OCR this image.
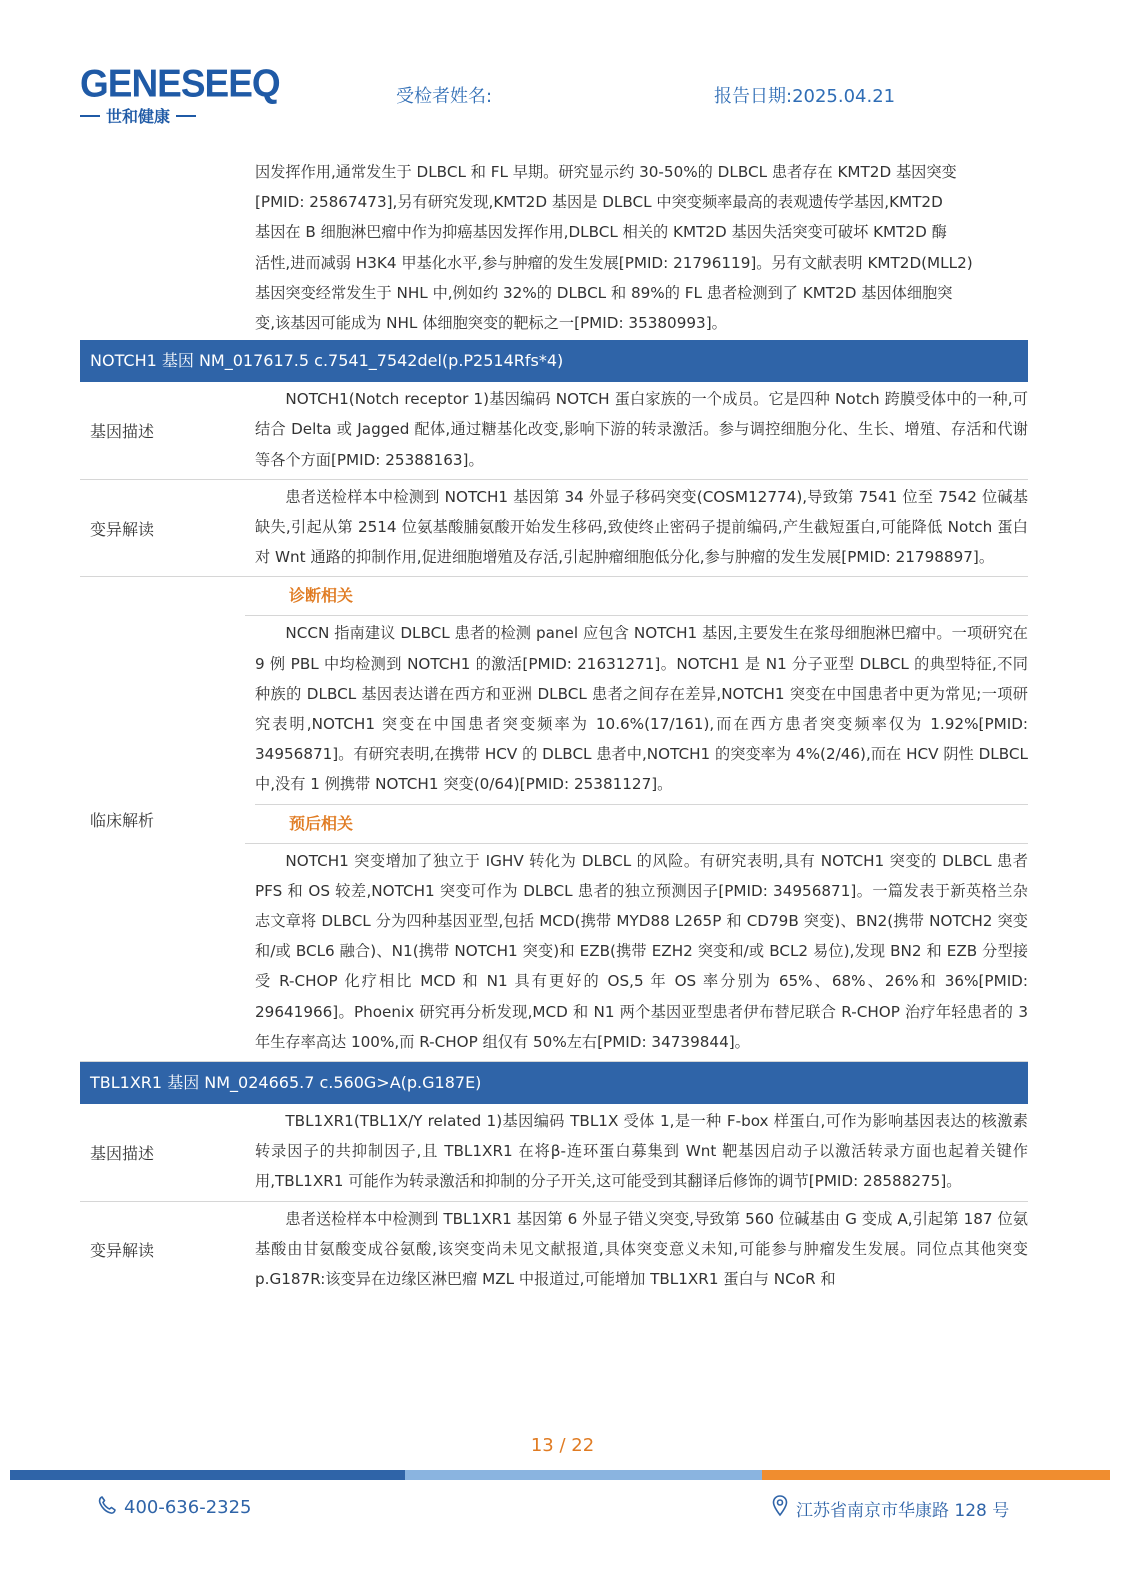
GENESEEQ
世和健康
受检者姓名:	报告日期:2025.04.21
因发挥作用,通常发生于 DLBCL 和 FL 早期。研究显示约 30-50%的 DLBCL 患者存在 KMT2D 基因突变
[PMID: 25867473],另有研究发现,KMT2D 基因是 DLBCL 中突变频率最高的表观遗传学基因,KMT2D
基因在 B 细胞淋巴瘤中作为抑癌基因发挥作用,DLBCL 相关的 KMT2D 基因失活突变可破坏 KMT2D 酶
活性,进而减弱 H3K4 甲基化水平,参与肿瘤的发生发展[PMID: 21796119]。另有文献表明 KMT2D(MLL2)
基因突变经常发生于 NHL 中,例如约 32%的 DLBCL 和 89%的 FL 患者检测到了 KMT2D 基因体细胞突
变,该基因可能成为 NHL 体细胞突变的靶标之一[PMID: 35380993]。
NOTCH1 基因 NM_017617.5 c.7541_7542del(p.P2514Rfs*4)
基因描述

NOTCH1(Notch receptor 1)基因编码 NOTCH 蛋白家族的一个成员。它是四种 Notch 跨膜受体中的一种,可结合 Delta 或 Jagged 配体,通过糖基化改变,影响下游的转录激活。参与调控细胞分化、生长、增殖、存活和代谢等各个方面[PMID: 25388163]。

变异解读

患者送检样本中检测到 NOTCH1 基因第 34 外显子移码突变(COSM12774),导致第 7541 位至 7542 位碱基缺失,引起从第 2514 位氨基酸脯氨酸开始发生移码,致使终止密码子提前编码,产生截短蛋白,可能降低 Notch 蛋白对 Wnt 通路的抑制作用,促进细胞增殖及存活,引起肿瘤细胞低分化,参与肿瘤的发生发展[PMID: 21798897]。

临床解析
诊断相关

NCCN 指南建议 DLBCL 患者的检测 panel 应包含 NOTCH1 基因,主要发生在浆母细胞淋巴瘤中。一项研究在 9 例 PBL 中均检测到 NOTCH1 的激活[PMID: 21631271]。NOTCH1 是 N1 分子亚型 DLBCL 的典型特征,不同种族的 DLBCL 基因表达谱在西方和亚洲 DLBCL 患者之间存在差异,NOTCH1 突变在中国患者中更为常见;一项研究表明,NOTCH1 突变在中国患者突变频率为 10.6%(17/161),而在西方患者突变频率仅为 1.92%[PMID: 34956871]。有研究表明,在携带 HCV 的 DLBCL 患者中,NOTCH1 的突变率为 4%(2/46),而在 HCV 阴性 DLBCL 中,没有 1 例携带 NOTCH1 突变(0/64)[PMID: 25381127]。

预后相关

NOTCH1 突变增加了独立于 IGHV 转化为 DLBCL 的风险。有研究表明,具有 NOTCH1 突变的 DLBCL 患者 PFS 和 OS 较差,NOTCH1 突变可作为 DLBCL 患者的独立预测因子[PMID: 34956871]。一篇发表于新英格兰杂志文章将 DLBCL 分为四种基因亚型,包括 MCD(携带 MYD88 L265P 和 CD79B 突变)、BN2(携带 NOTCH2 突变和/或 BCL6 融合)、N1(携带 NOTCH1 突变)和 EZB(携带 EZH2 突变和/或 BCL2 易位),发现 BN2 和 EZB 分型接受 R-CHOP 化疗相比 MCD 和 N1 具有更好的 OS,5 年 OS 率分别为 65%、68%、26%和 36%[PMID: 29641966]。Phoenix 研究再分析发现,MCD 和 N1 两个基因亚型患者伊布替尼联合 R-CHOP 治疗年轻患者的 3 年生存率高达 100%,而 R-CHOP 组仅有 50%左右[PMID: 34739844]。

TBL1XR1 基因 NM_024665.7 c.560G>A(p.G187E)
基因描述

TBL1XR1(TBL1X/Y related 1)基因编码 TBL1X 受体 1,是一种 F-box 样蛋白,可作为影响基因表达的核激素转录因子的共抑制因子,且 TBL1XR1 在将β-连环蛋白募集到 Wnt 靶基因启动子以激活转录方面也起着关键作用,TBL1XR1 可能作为转录激活和抑制的分子开关,这可能受到其翻译后修饰的调节[PMID: 28588275]。

变异解读

患者送检样本中检测到 TBL1XR1 基因第 6 外显子错义突变,导致第 560 位碱基由 G 变成 A,引起第 187 位氨基酸由甘氨酸变成谷氨酸,该突变尚未见文献报道,具体突变意义未知,可能参与肿瘤发生发展。同位点其他突变 p.G187R:该变异在边缘区淋巴瘤 MZL 中报道过,可能增加 TBL1XR1 蛋白与 NCoR 和

13 / 22
400-636-2325	江苏省南京市华康路 128 号
